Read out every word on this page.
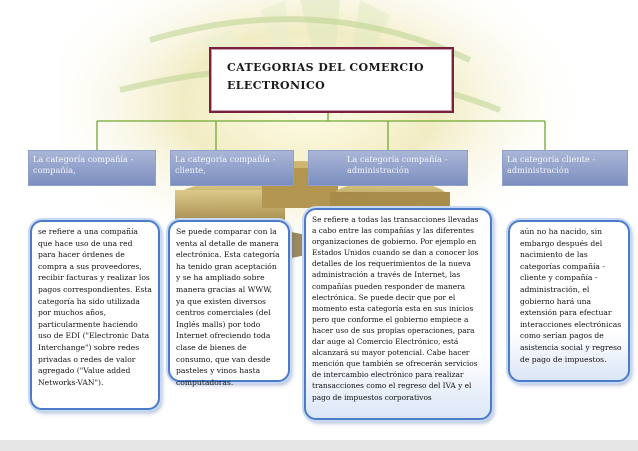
CATEGORIAS DEL COMERCIO
ELECTRONICO
La categoría compañía - compañía,
La categoría compañía - cliente,
La categoría compañía - administración
La categoría cliente - administración
se refiere a una compañía que hace uso de una red para hacer órdenes de compra a sus proveedores, recibir facturas y realizar los pagos correspondientes. Esta categoría ha sido utilizada por muchos años, particularmente haciendo uso de EDI ("Electronic Data Interchange") sobre redes privadas o redes de valor agregado ("Value added Networks-VAN").
Se puede comparar con la venta al detalle de manera electrónica. Esta categoría ha tenido gran aceptación y se ha ampliado sobre manera gracias al WWW, ya que existen diversos centros comerciales (del Inglés malls) por todo Internet ofreciendo toda clase de bienes de consumo, que van desde pasteles y vinos hasta computadoras.
Se refiere a todas las transacciones llevadas a cabo entre las compañías y las diferentes organizaciones de gobierno. Por ejemplo en Estados Unidos cuando se dan a conocer los detalles de los requerimientos de la nueva administración a través de Internet, las compañías pueden responder de manera electrónica. Se puede decir que por el momento esta categoría esta en sus inicios pero que conforme el gobierno empiece a hacer uso de sus propias operaciones, para dar auge al Comercio Electrónico, está alcanzará su mayor potencial. Cabe hacer mención que también se ofrecerán servicios de intercambio electrónico para realizar transacciones como el regreso del IVA y el pago de impuestos corporativos
aún no ha nacido, sin embargo después del nacimiento de las categorías compañía - cliente y compañía - administración, el gobierno hará una extensión para efectuar interacciones electrónicas como serían pagos de asistencia social y regreso de pago de impuestos.
